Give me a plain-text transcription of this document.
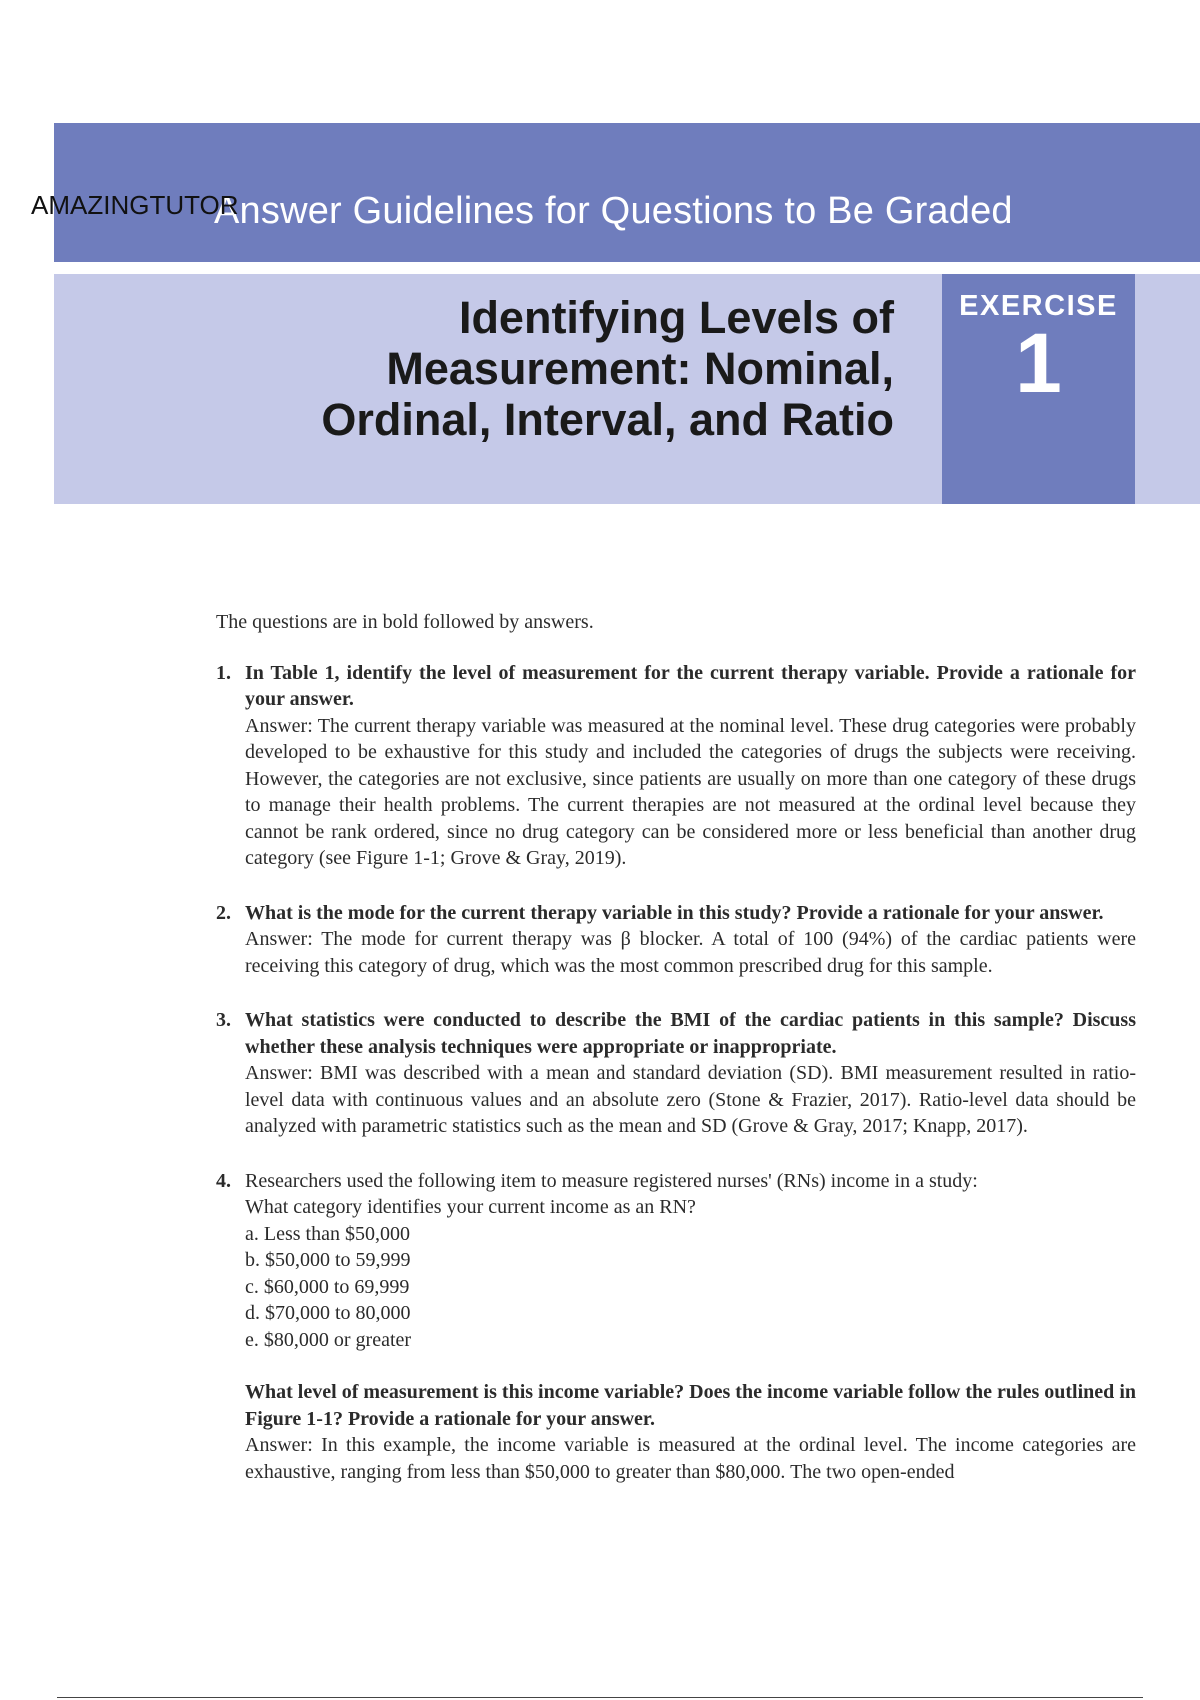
Answer Guidelines for Questions to Be Graded
AMAZINGTUTOR
Identifying Levels of
Measurement: Nominal,
Ordinal, Interval, and Ratio
EXERCISE
1

The questions are in bold followed by answers.

1. In Table 1, identify the level of measurement for the current therapy variable. Provide a rationale for your answer.
Answer: The current therapy variable was measured at the nominal level. These drug categories were probably developed to be exhaustive for this study and included the categories of drugs the subjects were receiving. However, the categories are not exclusive, since patients are usually on more than one category of these drugs to manage their health problems. The current therapies are not measured at the ordinal level because they cannot be rank ordered, since no drug category can be considered more or less beneficial than another drug category (see Figure 1-1; Grove & Gray, 2019).
2. What is the mode for the current therapy variable in this study? Provide a rationale for your answer.
Answer: The mode for current therapy was β blocker. A total of 100 (94%) of the cardiac patients were receiving this category of drug, which was the most common prescribed drug for this sample.
3. What statistics were conducted to describe the BMI of the cardiac patients in this sample? Discuss whether these analysis techniques were appropriate or inappropriate.
Answer: BMI was described with a mean and standard deviation (SD). BMI measurement resulted in ratio-level data with continuous values and an absolute zero (Stone & Frazier, 2017). Ratio-level data should be analyzed with parametric statistics such as the mean and SD (Grove & Gray, 2017; Knapp, 2017).
4. Researchers used the following item to measure registered nurses' (RNs) income in a study:
What category identifies your current income as an RN?
a. Less than $50,000
b. $50,000 to 59,999
c. $60,000 to 69,999
d. $70,000 to 80,000
e. $80,000 or greater
What level of measurement is this income variable? Does the income variable follow the rules outlined in Figure 1-1? Provide a rationale for your answer.
Answer: In this example, the income variable is measured at the ordinal level. The income categories are exhaustive, ranging from less than $50,000 to greater than $80,000. The two open-ended
